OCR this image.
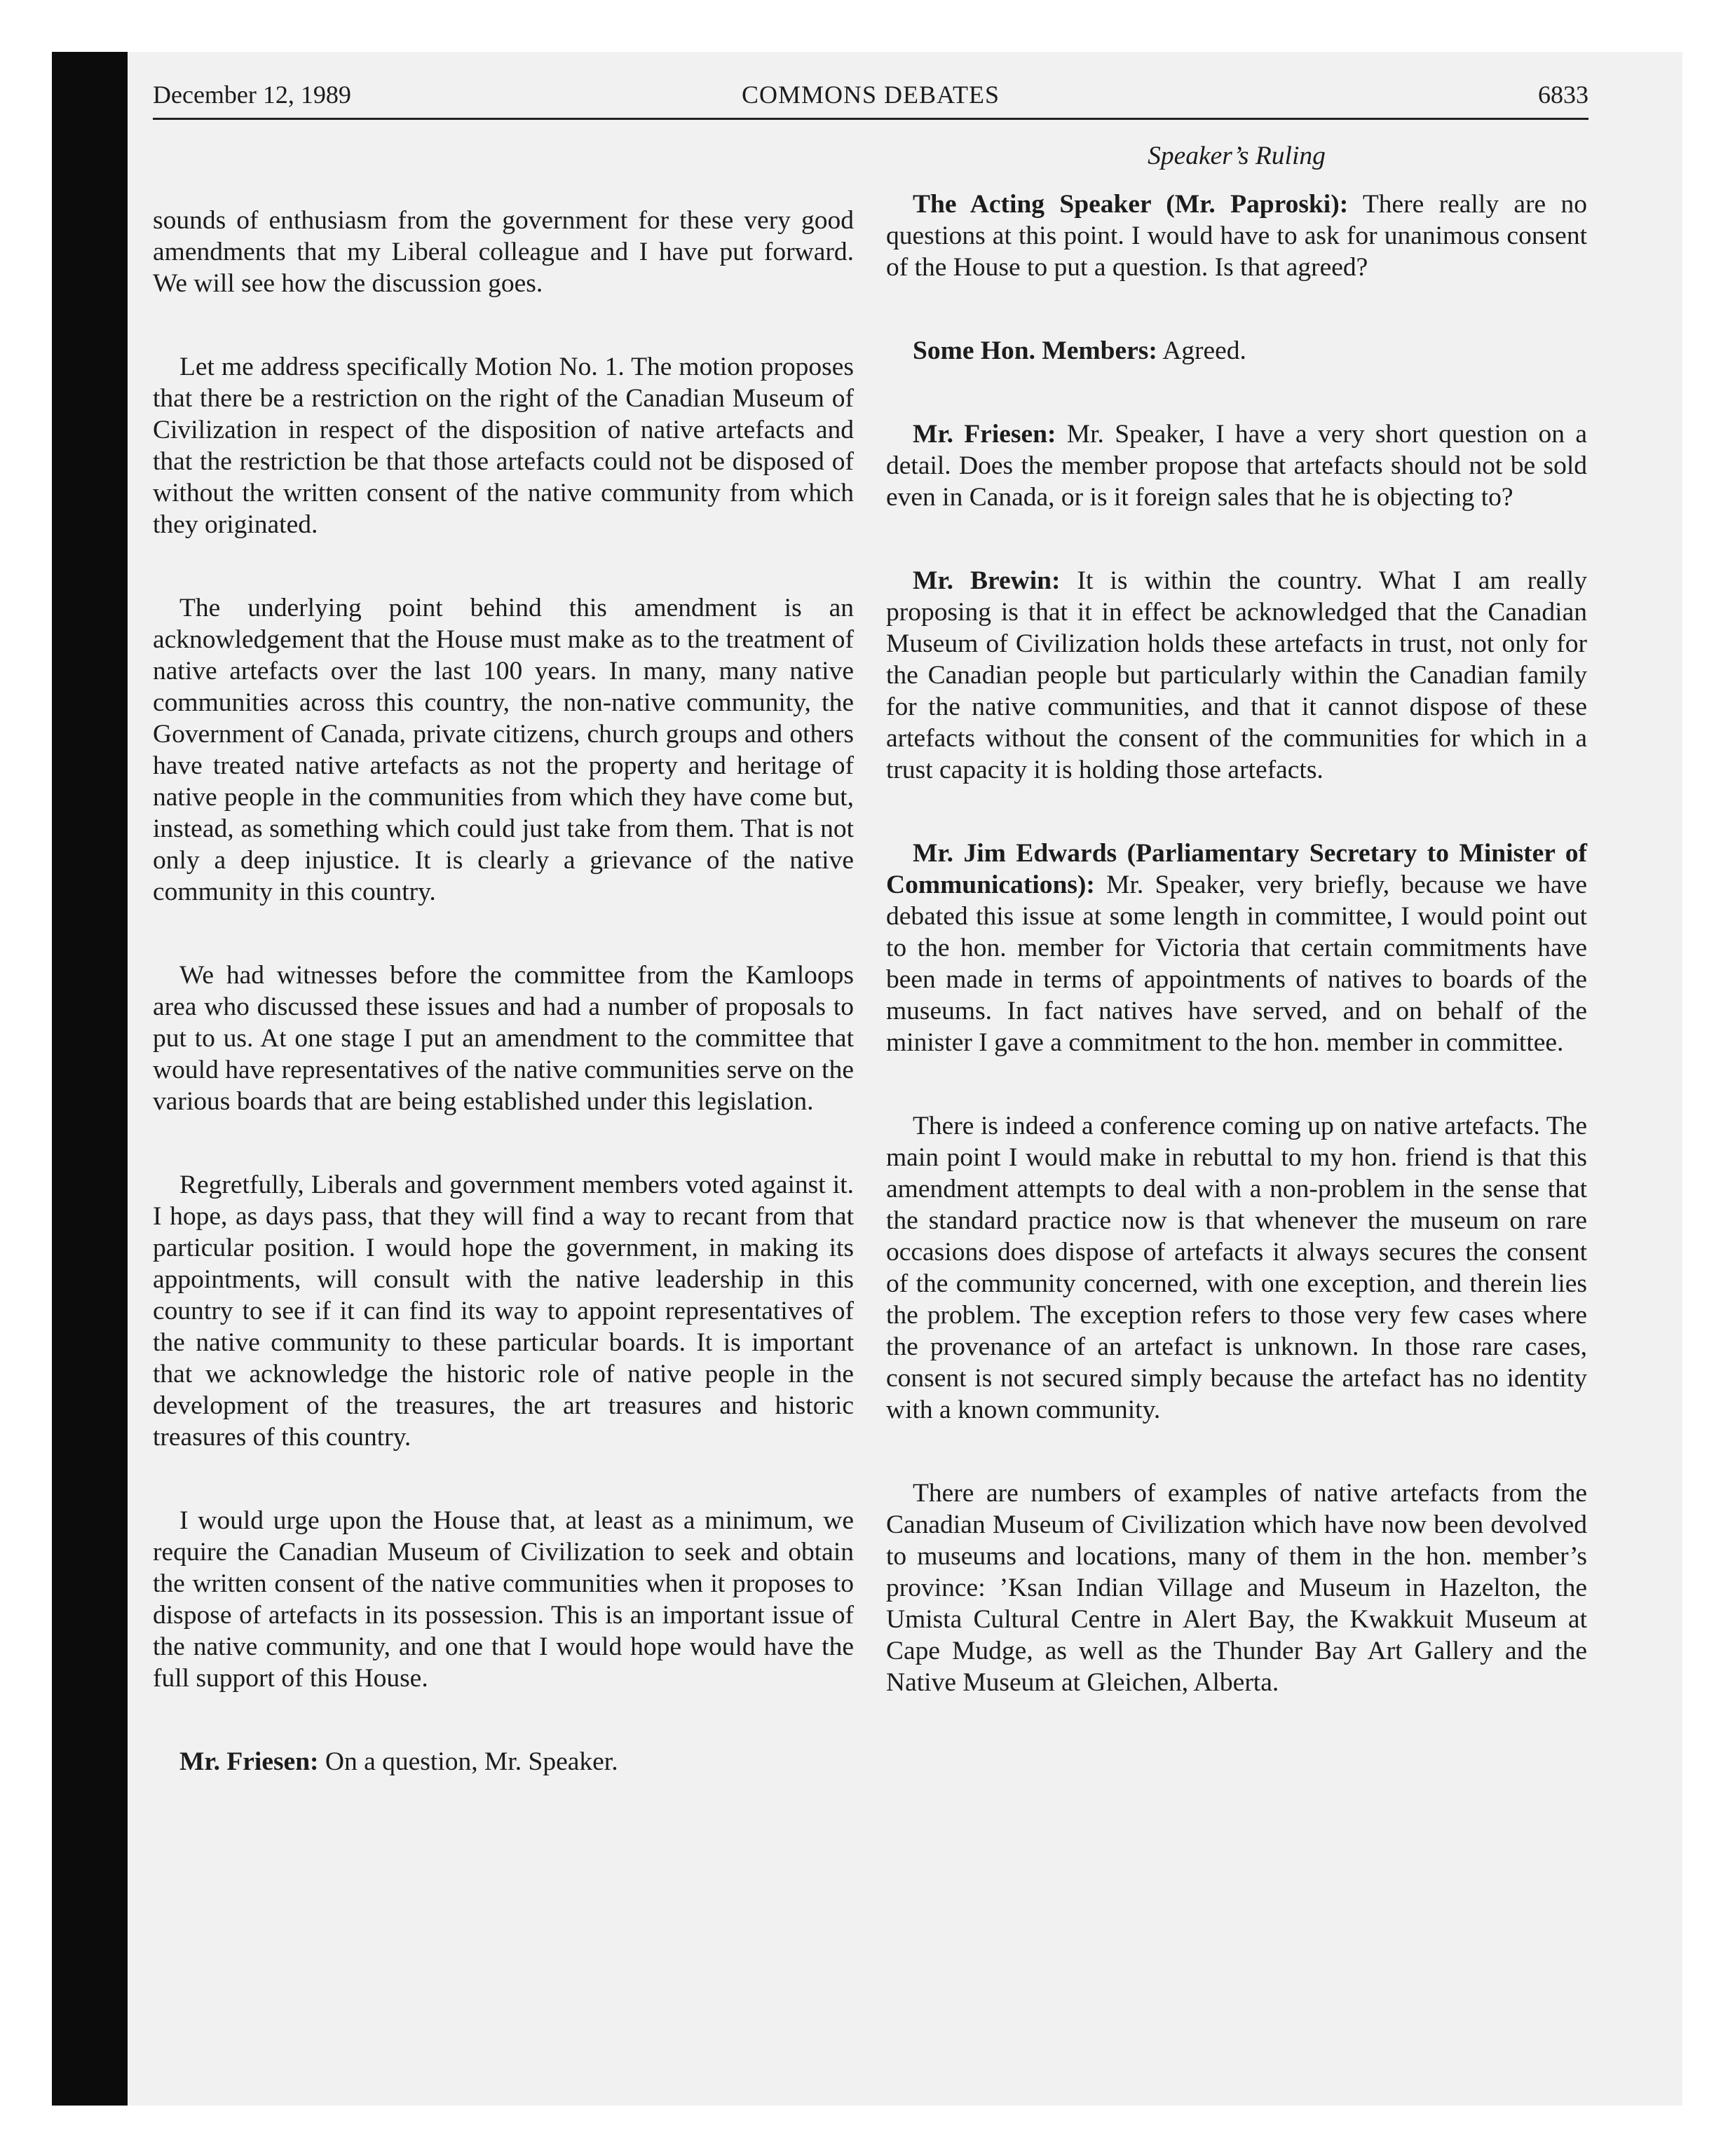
December 12, 1989	COMMONS DEBATES	6833

sounds of enthusiasm from the government for these very good amendments that my Liberal colleague and I have put forward. We will see how the discussion goes.

Let me address specifically Motion No. 1. The motion proposes that there be a restriction on the right of the Canadian Museum of Civilization in respect of the disposition of native artefacts and that the restriction be that those artefacts could not be disposed of without the written consent of the native community from which they originated.

The underlying point behind this amendment is an acknowledgement that the House must make as to the treatment of native artefacts over the last 100 years. In many, many native communities across this country, the non-native community, the Government of Canada, private citizens, church groups and others have treated native artefacts as not the property and heritage of native people in the communities from which they have come but, instead, as something which could just take from them. That is not only a deep injustice. It is clearly a grievance of the native community in this country.

We had witnesses before the committee from the Kamloops area who discussed these issues and had a number of proposals to put to us. At one stage I put an amendment to the committee that would have representatives of the native communities serve on the various boards that are being established under this legislation.

Regretfully, Liberals and government members voted against it. I hope, as days pass, that they will find a way to recant from that particular position. I would hope the government, in making its appointments, will consult with the native leadership in this country to see if it can find its way to appoint representatives of the native community to these particular boards. It is important that we acknowledge the historic role of native people in the development of the treasures, the art treasures and historic treasures of this country.

I would urge upon the House that, at least as a minimum, we require the Canadian Museum of Civilization to seek and obtain the written consent of the native communities when it proposes to dispose of artefacts in its possession. This is an important issue of the native community, and one that I would hope would have the full support of this House.

Mr. Friesen: On a question, Mr. Speaker.

Speaker’s Ruling

The Acting Speaker (Mr. Paproski): There really are no questions at this point. I would have to ask for unanimous consent of the House to put a question. Is that agreed?

Some Hon. Members: Agreed.

Mr. Friesen: Mr. Speaker, I have a very short question on a detail. Does the member propose that artefacts should not be sold even in Canada, or is it foreign sales that he is objecting to?

Mr. Brewin: It is within the country. What I am really proposing is that it in effect be acknowledged that the Canadian Museum of Civilization holds these artefacts in trust, not only for the Canadian people but particularly within the Canadian family for the native communities, and that it cannot dispose of these artefacts without the consent of the communities for which in a trust capacity it is holding those artefacts.

Mr. Jim Edwards (Parliamentary Secretary to Minister of Communications): Mr. Speaker, very briefly, because we have debated this issue at some length in committee, I would point out to the hon. member for Victoria that certain commitments have been made in terms of appointments of natives to boards of the museums. In fact natives have served, and on behalf of the minister I gave a commitment to the hon. member in committee.

There is indeed a conference coming up on native artefacts. The main point I would make in rebuttal to my hon. friend is that this amendment attempts to deal with a non-problem in the sense that the standard practice now is that whenever the museum on rare occasions does dispose of artefacts it always secures the consent of the community concerned, with one exception, and therein lies the problem. The exception refers to those very few cases where the provenance of an artefact is unknown. In those rare cases, consent is not secured simply because the artefact has no identity with a known community.

There are numbers of examples of native artefacts from the Canadian Museum of Civilization which have now been devolved to museums and locations, many of them in the hon. member’s province: ’Ksan Indian Village and Museum in Hazelton, the Umista Cultural Centre in Alert Bay, the Kwakkuit Museum at Cape Mudge, as well as the Thunder Bay Art Gallery and the Native Museum at Gleichen, Alberta.
